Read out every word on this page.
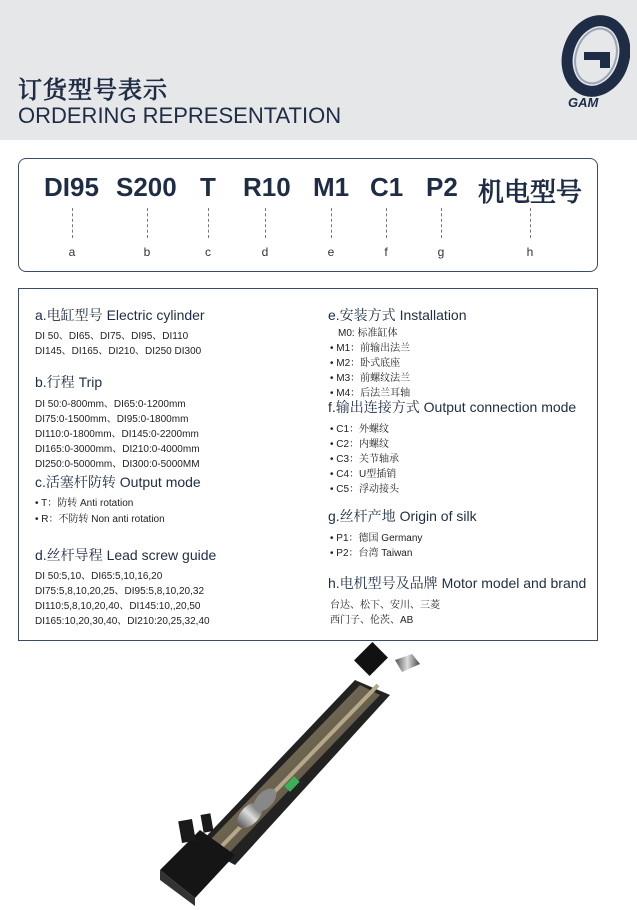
订货型号表示
ORDERING REPRESENTATION
GAM
DI95 S200 T R10 M1 C1 P2 机电型号
a	b	c	d	e	f	g	h
a.电缸型号 Electric cylinder
DI 50、DI65、DI75、DI95、DI110
DI145、DI165、DI210、DI250 DI300
b.行程 Trip
DI 50:0-800mm、DI65:0-1200mm
DI75:0-1500mm、DI95:0-1800mm
DI110:0-1800mm、DI145:0-2200mm
DI165:0-3000mm、DI210:0-4000mm
DI250:0-5000mm、DI300:0-5000MM
c.活塞杆防转 Output mode
• T：防转 Anti rotation
• R：不防转 Non anti rotation
d.丝杆导程 Lead screw guide
DI 50:5,10、DI65:5,10,16,20
DI75:5,8,10,20,25、DI95:5,8,10,20,32
DI110:5,8,10,20,40、DI145:10,,20,50
DI165:10,20,30,40、DI210:20,25,32,40
e.安装方式 Installation
M0: 标准缸体
• M1：前输出法兰
• M2：卧式底座
• M3：前螺纹法兰
• M4：后法兰耳轴
f.输出连接方式 Output connection mode
• C1：外螺纹
• C2：内螺纹
• C3：关节轴承
• C4：U型插销
• C5：浮动接头
g.丝杆产地 Origin of silk
• P1：德国 Germany
• P2：台湾 Taiwan
h.电机型号及品牌 Motor model and brand
台达、松下、安川、三菱
西门子、伦茨、AB
